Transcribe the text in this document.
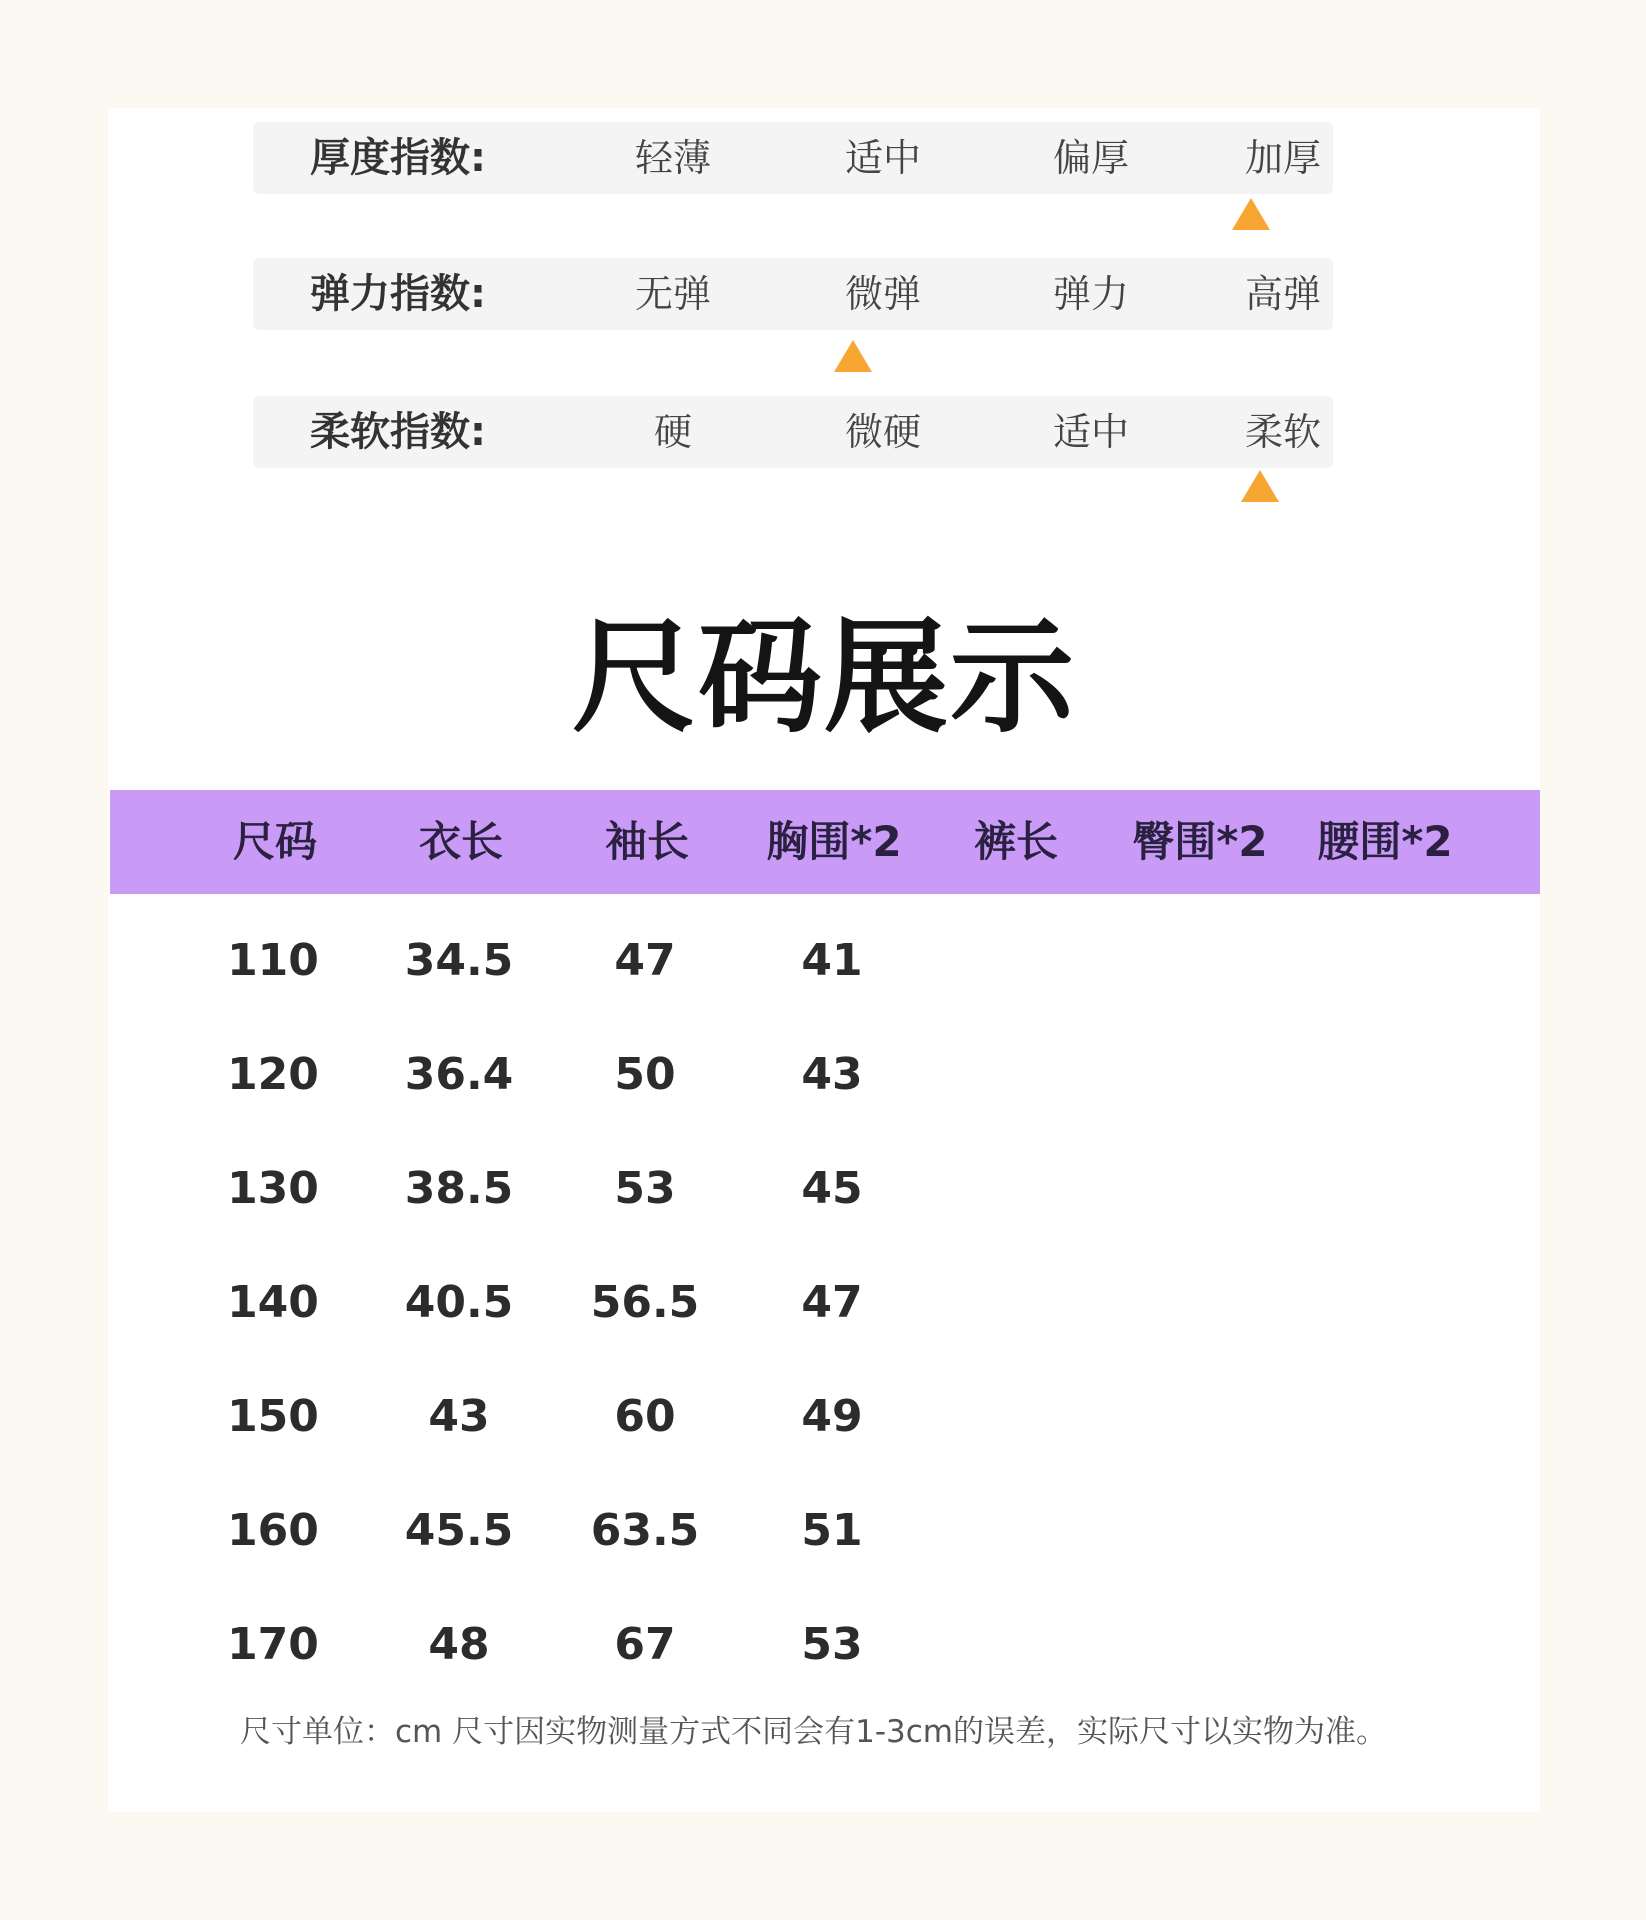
厚度指数:	轻薄	适中	偏厚	加厚
弹力指数:	无弹	微弹	弹力	高弹
柔软指数:	硬	微硬	适中	柔软
尺码展示
尺码	衣长	袖长	胸围*2	裤长	臀围*2	腰围*2
110	34.5	47	41
120	36.4	50	43
130	38.5	53	45
140	40.5	56.5	47
150	43	60	49
160	45.5	63.5	51
170	48	67	53
尺寸单位：cm 尺寸因实物测量方式不同会有1-3cm的误差，实际尺寸以实物为准。
